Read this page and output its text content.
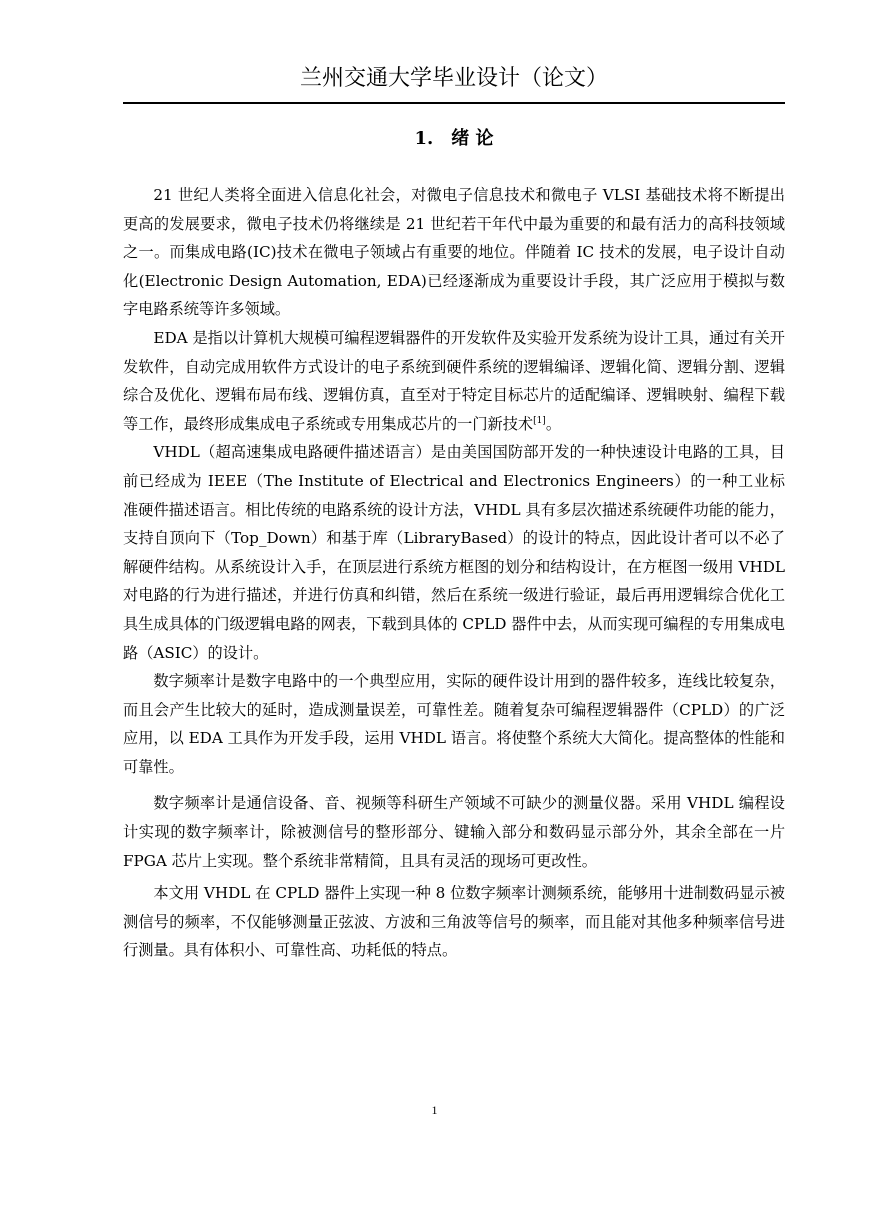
兰州交通大学毕业设计（论文）
1. 绪 论

21 世纪人类将全面进入信息化社会，对微电子信息技术和微电子 VLSI 基础技术将不断提出更高的发展要求，微电子技术仍将继续是 21 世纪若干年代中最为重要的和最有活力的高科技领域之一。而集成电路(IC)技术在微电子领域占有重要的地位。伴随着 IC 技术的发展，电子设计自动化(Electronic Design Automation, EDA)已经逐渐成为重要设计手段，其广泛应用于模拟与数字电路系统等许多领域。

EDA 是指以计算机大规模可编程逻辑器件的开发软件及实验开发系统为设计工具，通过有关开发软件，自动完成用软件方式设计的电子系统到硬件系统的逻辑编译、逻辑化简、逻辑分割、逻辑综合及优化、逻辑布局布线、逻辑仿真，直至对于特定目标芯片的适配编译、逻辑映射、编程下载等工作，最终形成集成电子系统或专用集成芯片的一门新技术[1]。

VHDL（超高速集成电路硬件描述语言）是由美国国防部开发的一种快速设计电路的工具，目前已经成为 IEEE（The Institute of Electrical and Electronics Engineers）的一种工业标准硬件描述语言。相比传统的电路系统的设计方法，VHDL 具有多层次描述系统硬件功能的能力，支持自顶向下（Top_Down）和基于库（LibraryBased）的设计的特点，因此设计者可以不必了解硬件结构。从系统设计入手，在顶层进行系统方框图的划分和结构设计，在方框图一级用 VHDL 对电路的行为进行描述，并进行仿真和纠错，然后在系统一级进行验证，最后再用逻辑综合优化工具生成具体的门级逻辑电路的网表，下载到具体的 CPLD 器件中去，从而实现可编程的专用集成电路（ASIC）的设计。

数字频率计是数字电路中的一个典型应用，实际的硬件设计用到的器件较多，连线比较复杂，而且会产生比较大的延时，造成测量误差，可靠性差。随着复杂可编程逻辑器件（CPLD）的广泛应用，以 EDA 工具作为开发手段，运用 VHDL 语言。将使整个系统大大简化。提高整体的性能和可靠性。

数字频率计是通信设备、音、视频等科研生产领域不可缺少的测量仪器。采用 VHDL 编程设计实现的数字频率计，除被测信号的整形部分、键输入部分和数码显示部分外，其余全部在一片 FPGA 芯片上实现。整个系统非常精简，且具有灵活的现场可更改性。

本文用 VHDL 在 CPLD 器件上实现一种 8 位数字频率计测频系统，能够用十进制数码显示被测信号的频率，不仅能够测量正弦波、方波和三角波等信号的频率，而且能对其他多种频率信号进行测量。具有体积小、可靠性高、功耗低的特点。

1
